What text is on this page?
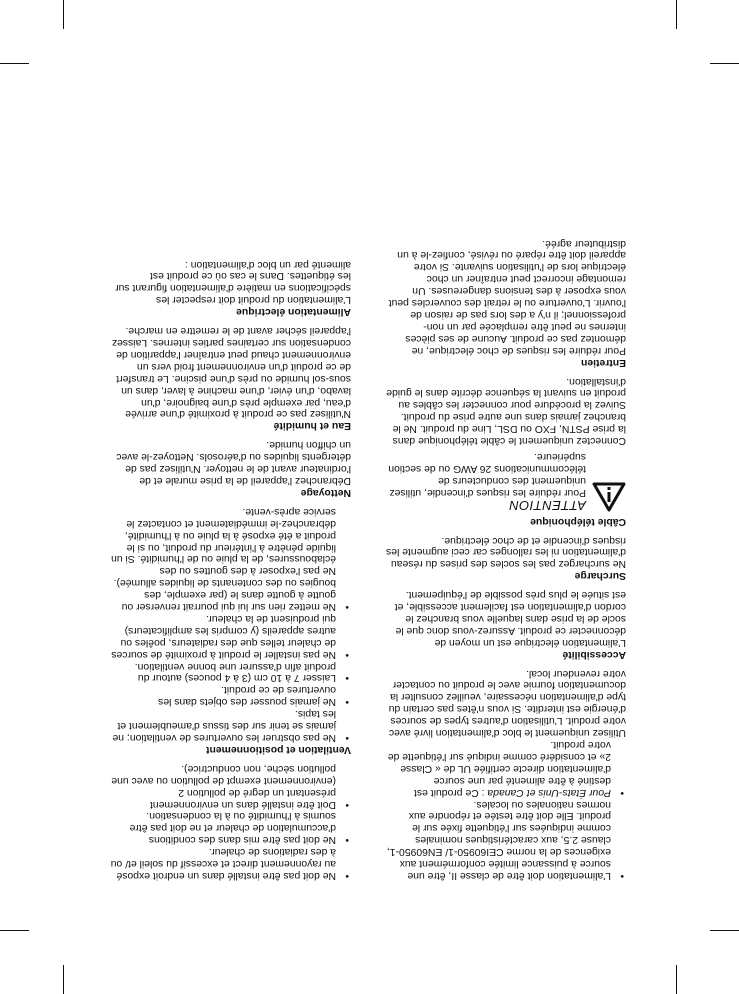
• L'alimentation doit être de classe II, être une source à puissance limitée conformément aux exigences de la norme CEI60950-1/ EN60950-1, clause 2.5, aux caractéristiques nominales comme indiquées sur l'étiquette fixée sur le produit. Elle doit être testée et répondre aux normes nationales ou locales.
• Pour États-Unis et Canada : Ce produit est destiné à être alimenté par une source d'alimentation directe certifiée UL de « Classe 2» et considéré comme indiqué sur l'étiquette de votre produit.

Utilisez uniquement le bloc d'alimentation livré avec votre produit. L'utilisation d'autres types de sources d'énergie est interdite. Si vous n'êtes pas certain du type d'alimentation nécessaire, veuillez consulter la documentation fournie avec le produit ou contacter votre revendeur local.

Accessibilité

L'alimentation électrique est un moyen de déconnecter ce produit. Assurez-vous donc que le socle de la prise dans laquelle vous branchez le cordon d'alimentation est facilement accessible, et est située le plus près possible de l'équipement.

Surcharge

Ne surchargez pas les socles des prises du réseau d'alimentation ni les rallonges car ceci augmente les risques d'incendie et de choc électrique.

Câble téléphonique
ATTENTION

Pour réduire les risques d'incendie, utilisez uniquement des conducteurs de télécommunications 26 AWG ou de section supérieure.

Connectez uniquement le câble téléphonique dans la prise PSTN, FXO ou DSL, Line du produit. Ne le branchez jamais dans une autre prise du produit.

Suivez la procédure pour connecter les câbles au produit en suivant la séquence décrite dans le guide d'installation.

Entretien

Pour réduire les risques de choc électrique, ne démontez pas ce produit. Aucune de ses pièces internes ne peut être remplacée par un non-professionnel; il n'y a des lors pas de raison de l'ouvrir. L'ouverture ou le retrait des couvercles peut vous exposer à des tensions dangereuses. Un remontage incorrect peut entraîner un choc électrique lors de l'utilisation suivante. Si votre appareil doit être réparé ou révisé, confiez-le à un distributeur agréé.

• Ne doit pas être installé dans un endroit exposé au rayonnement direct et excessif du soleil et/ ou à des radiations de chaleur.
• Ne doit pas être mis dans des conditions d'accumulation de chaleur et ne doit pas être soumis à l'humidité ou à la condensation.
• Doit être installé dans un environnement présentant un degré de pollution 2 (environnement exempt de pollution ou avec une pollution sèche, non conductrice).
Ventilation et positionnement
• Ne pas obstruer les ouvertures de ventilation; ne jamais se tenir sur des tissus d'ameublement et les tapis.
• Ne jamais pousser des objets dans les ouvertures de ce produit.
• Laisser 7 à 10 cm (3 à 4 pouces) autour du produit afin d'assurer une bonne ventilation.
• Ne pas installer le produit à proximité de sources de chaleur telles que des radiateurs, poêles ou autres appareils (y compris les amplificateurs) qui produisent de la chaleur.
• Ne mettez rien sur lui qui pourrait renverser ou goutte à goutte dans le (par exemple, des bougies ou des contenants de liquides allumée). Ne pas l'exposer à des gouttes ou des éclaboussures, de la pluie ou de l'humidité. Si un liquide pénètre à l'intérieur du produit, ou si le produit a été exposé à la pluie ou à l'humidité, débranchez-le immédiatement et contactez le service après-vente.
Nettoyage

Débranchez l'appareil de la prise murale et de l'ordinateur avant de le nettoyer. N'utilisez pas de détergents liquides ou d'aérosols. Nettoyez-le avec un chiffon humide.

Eau et humidité

N'utilisez pas ce produit à proximité d'une arrivée d'eau, par exemple près d'une baignoire, d'un lavabo, d'un évier, d'une machine à laver, dans un sous-sol humide ou près d'une piscine. Le transfert de ce produit d'un environnement froid vers un environnement chaud peut entraîner l'apparition de condensation sur certaines parties internes. Laissez l'appareil sécher avant de le remettre en marche.

Alimentation électrique

L'alimentation du produit doit respecter les spécifications en matière d'alimentation figurant sur les étiquettes. Dans le cas où ce produit est alimenté par un bloc d'alimentation :
